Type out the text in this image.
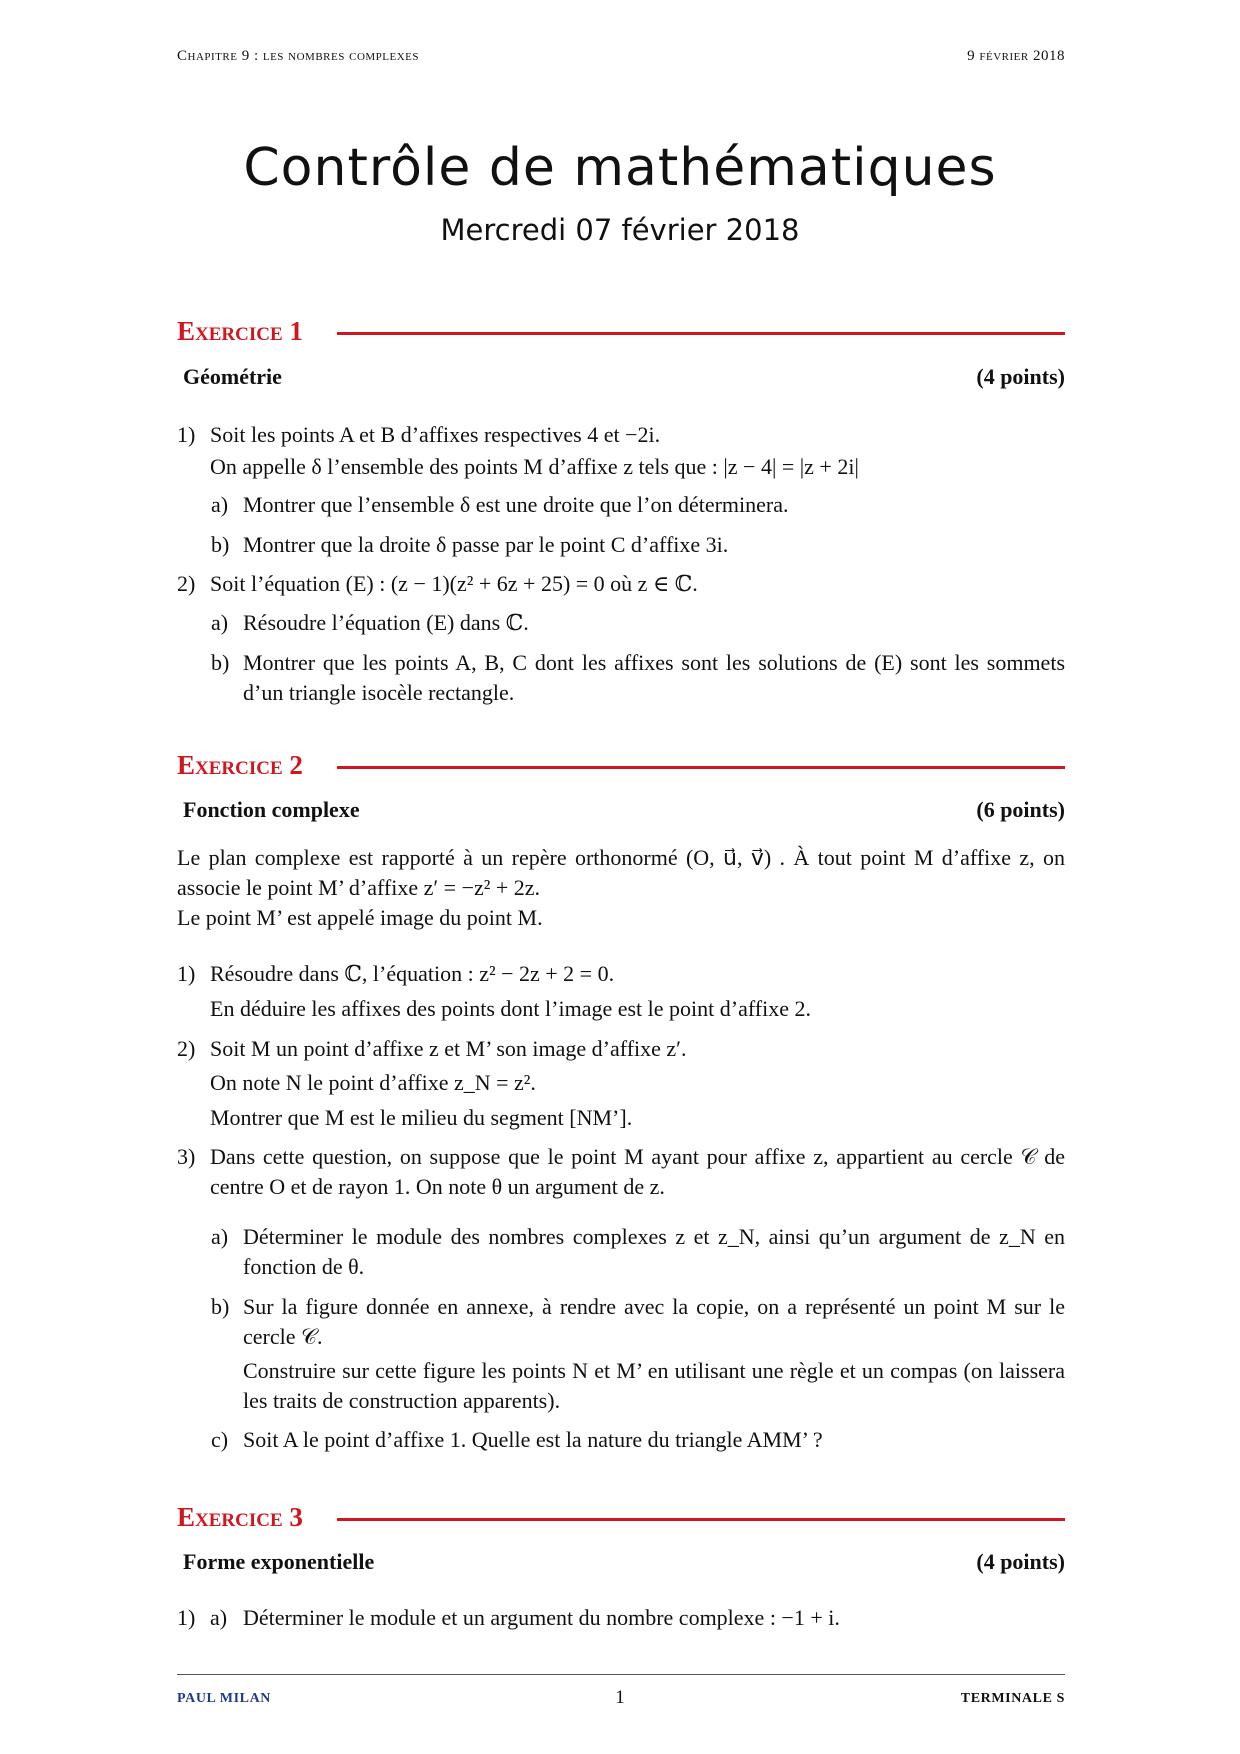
Chapitre 9 : les nombres complexes	9 février 2018
Contrôle de mathématiques
Mercredi 07 février 2018
Exercice 1
Géométrie	(4 points)
1) Soit les points A et B d’affixes respectives 4 et −2i.
On appelle δ l’ensemble des points M d’affixe z tels que : |z − 4| = |z + 2i|
a) Montrer que l’ensemble δ est une droite que l’on déterminera.
b) Montrer que la droite δ passe par le point C d’affixe 3i.
2) Soit l’équation (E) : (z − 1)(z² + 6z + 25) = 0 où z ∈ ℂ.
a) Résoudre l’équation (E) dans ℂ.
b) Montrer que les points A, B, C dont les affixes sont les solutions de (E) sont les sommets d’un triangle isocèle rectangle.
Exercice 2
Fonction complexe	(6 points)
Le plan complexe est rapporté à un repère orthonormé (O, u⃗, v⃗) . À tout point M d’affixe z, on associe le point M’ d’affixe z′ = −z² + 2z.
Le point M’ est appelé image du point M.
1) Résoudre dans ℂ, l’équation : z² − 2z + 2 = 0.
En déduire les affixes des points dont l’image est le point d’affixe 2.
2) Soit M un point d’affixe z et M’ son image d’affixe z′.
On note N le point d’affixe z_N = z².
Montrer que M est le milieu du segment [NM’].
3) Dans cette question, on suppose que le point M ayant pour affixe z, appartient au cercle 𝒞 de centre O et de rayon 1. On note θ un argument de z.
a) Déterminer le module des nombres complexes z et z_N, ainsi qu’un argument de z_N en fonction de θ.
b) Sur la figure donnée en annexe, à rendre avec la copie, on a représenté un point M sur le cercle 𝒞.
Construire sur cette figure les points N et M’ en utilisant une règle et un compas (on laissera les traits de construction apparents).
c) Soit A le point d’affixe 1. Quelle est la nature du triangle AMM’ ?
Exercice 3
Forme exponentielle	(4 points)
1) a) Déterminer le module et un argument du nombre complexe : −1 + i.
PAUL MILAN	1	TERMINALE S
